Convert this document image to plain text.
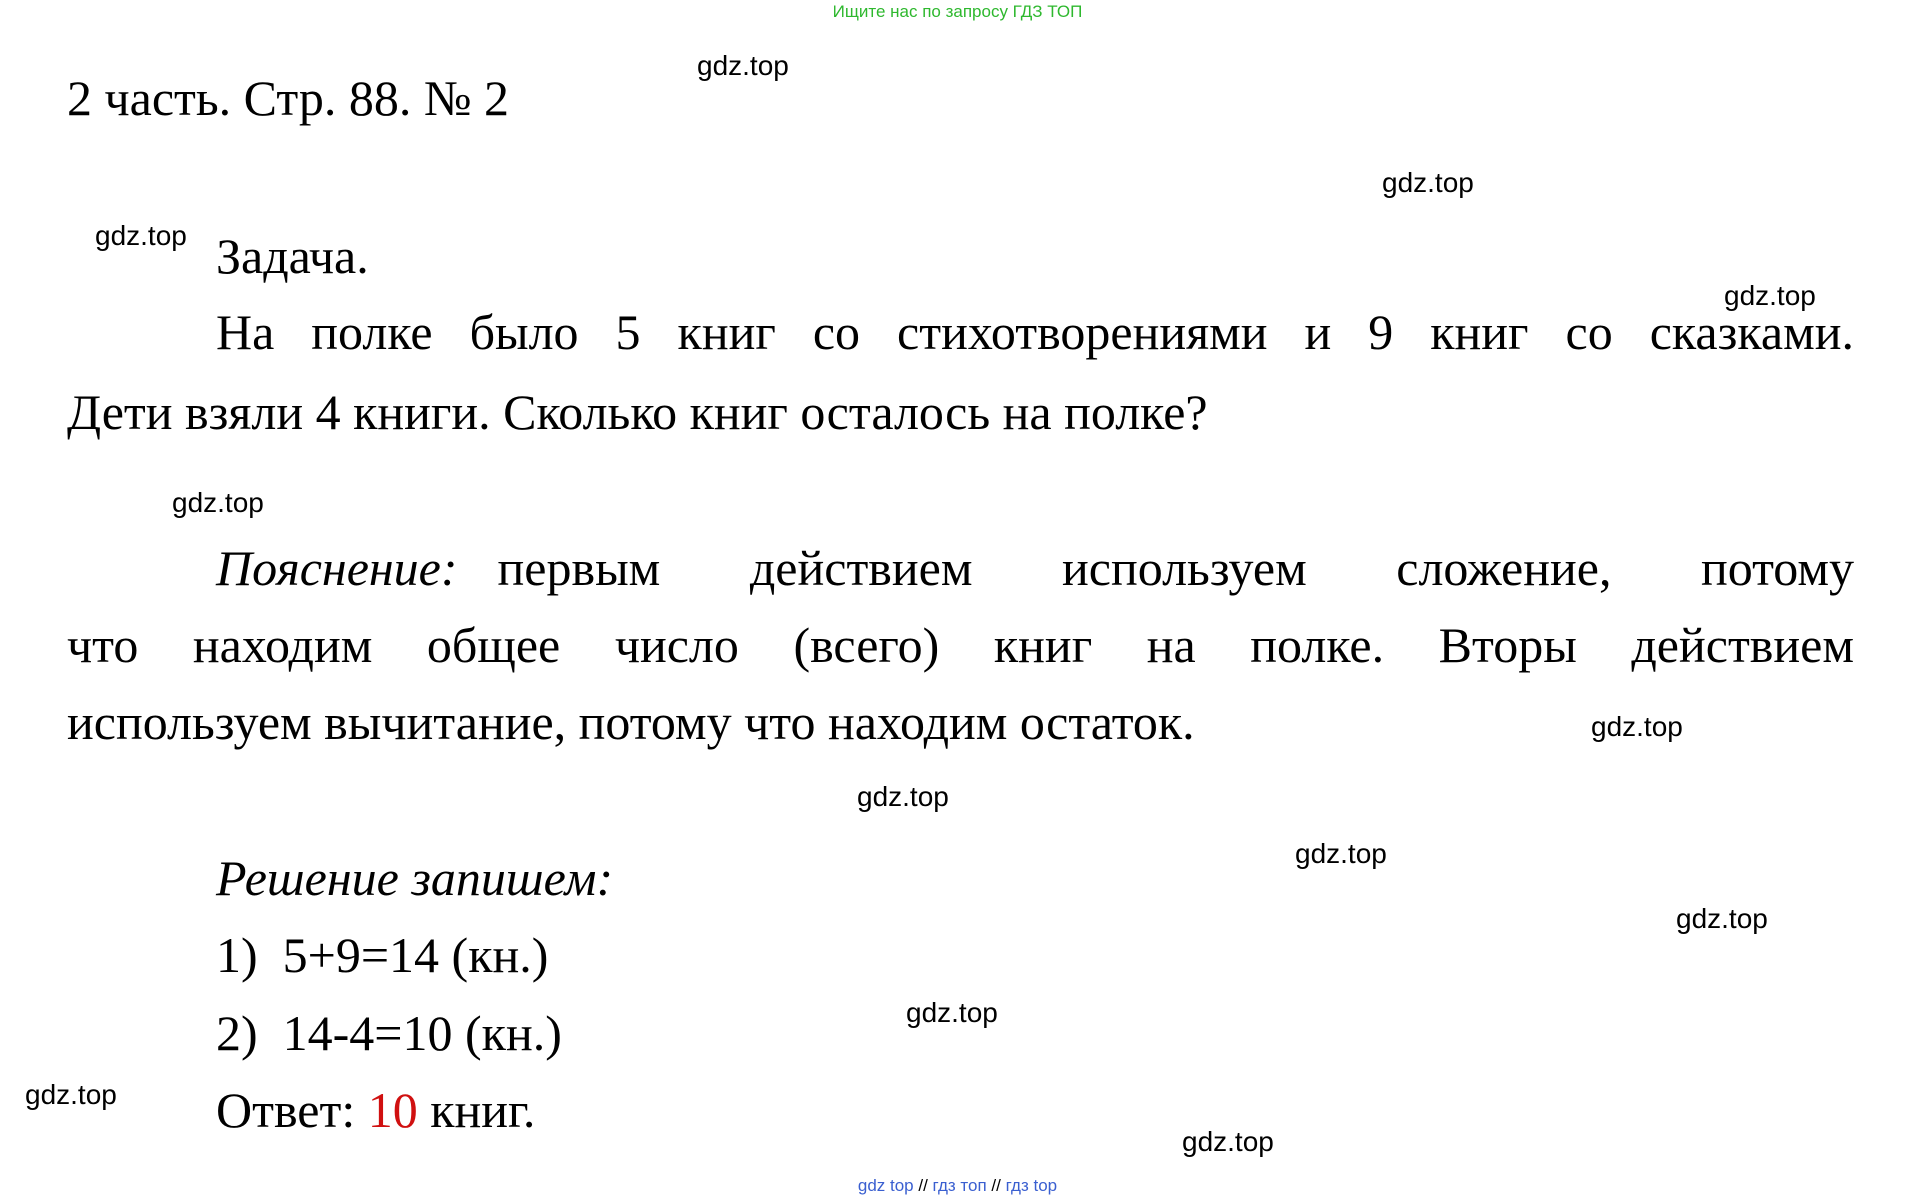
Ищите нас по запросу ГДЗ ТОП
gdz.top
gdz.top
gdz.top
gdz.top
gdz.top
gdz.top
gdz.top
gdz.top
gdz.top
gdz.top
gdz.top
gdz.top
2 часть. Стр. 88. № 2
Задача.
На полке было 5 книг со стихотворениями и 9 книг со сказками.
Дети взяли 4 книги. Сколько книг осталось на полке?
Пояснение: первым действием используем сложение, потому
что находим общее число (всего) книг на полке. Вторы действием
используем вычитание, потому что находим остаток.
Решение запишем:
1)  5+9=14 (кн.)
2)  14-4=10 (кн.)
Ответ: 10 книг.
gdz top // гдз топ // гдз top
